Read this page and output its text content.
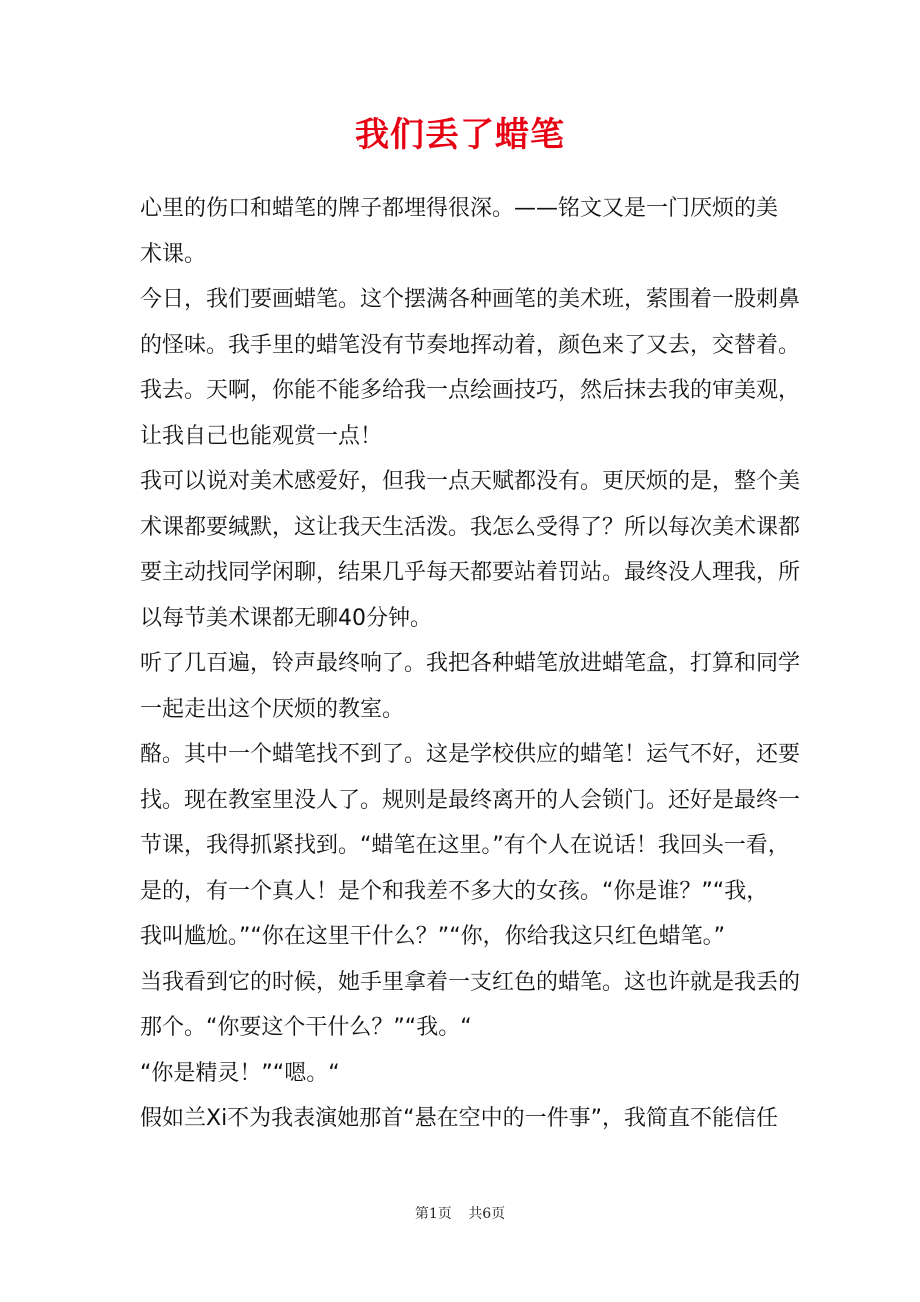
我们丢了蜡笔
心里的伤口和蜡笔的牌子都埋得很深。——铭文又是一门厌烦的美
术课。
今日，我们要画蜡笔。这个摆满各种画笔的美术班，萦围着一股刺鼻
的怪味。我手里的蜡笔没有节奏地挥动着，颜色来了又去，交替着。
我去。天啊，你能不能多给我一点绘画技巧，然后抹去我的审美观，
让我自己也能观赏一点！
我可以说对美术感爱好，但我一点天赋都没有。更厌烦的是，整个美
术课都要缄默，这让我天生活泼。我怎么受得了？所以每次美术课都
要主动找同学闲聊，结果几乎每天都要站着罚站。最终没人理我，所
以每节美术课都无聊40分钟。
听了几百遍，铃声最终响了。我把各种蜡笔放进蜡笔盒，打算和同学
一起走出这个厌烦的教室。
酪。其中一个蜡笔找不到了。这是学校供应的蜡笔！运气不好，还要
找。现在教室里没人了。规则是最终离开的人会锁门。还好是最终一
节课，我得抓紧找到。“蜡笔在这里。”有个人在说话！我回头一看，
是的，有一个真人！是个和我差不多大的女孩。“你是谁？”“我，
我叫尴尬。”“你在这里干什么？”“你，你给我这只红色蜡笔。”
当我看到它的时候，她手里拿着一支红色的蜡笔。这也许就是我丢的
那个。“你要这个干什么？”“我。“
“你是精灵！”“嗯。“
假如兰Xi不为我表演她那首“悬在空中的一件事”，我简直不能信任
第1页 共6页
